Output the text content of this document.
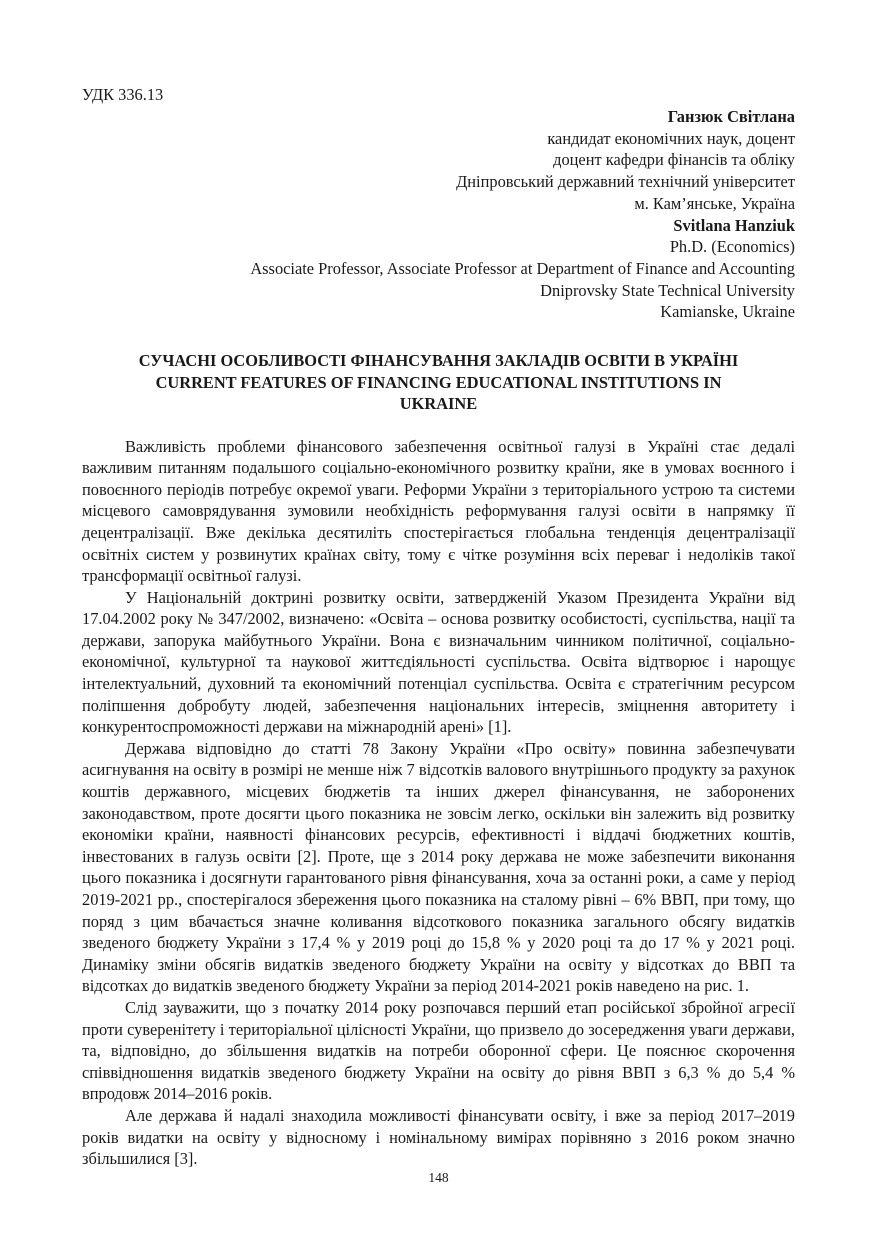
УДК 336.13

Ганзюк Світлана

кандидат економічних наук, доцент

доцент кафедри фінансів та обліку

Дніпровський державний технічний університет

м. Кам’янське, Україна

Svitlana Hanziuk

Ph.D. (Economics)

Associate Professor, Associate Professor at Department of Finance and Accounting

Dniprovsky State Technical University

Kamianske, Ukraine

СУЧАСНІ ОСОБЛИВОСТІ ФІНАНСУВАННЯ ЗАКЛАДІВ ОСВІТИ В УКРАЇНІ

CURRENT FEATURES OF FINANCING EDUCATIONAL INSTITUTIONS IN UKRAINE

Важливість проблеми фінансового забезпечення освітньої галузі в Україні стає дедалі важливим питанням подальшого соціально-економічного розвитку країни, яке в умовах воєнного і повоєнного періодів потребує окремої уваги. Реформи України з територіального устрою та системи місцевого самоврядування зумовили необхідність реформування галузі освіти в напрямку її децентралізації. Вже декілька десятиліть спостерігається глобальна тенденція децентралізації освітніх систем у розвинутих країнах світу, тому є чітке розуміння всіх переваг і недоліків такої трансформації освітньої галузі.

У Національній доктрині розвитку освіти, затвердженій Указом Президента України від 17.04.2002 року № 347/2002, визначено: «Освіта – основа розвитку особистості, суспільства, нації та держави, запорука майбутнього України. Вона є визначальним чинником політичної, соціально-економічної, культурної та наукової життєдіяльності суспільства. Освіта відтворює і нарощує інтелектуальний, духовний та економічний потенціал суспільства. Освіта є стратегічним ресурсом поліпшення добробуту людей, забезпечення національних інтересів, зміцнення авторитету і конкурентоспроможності держави на міжнародній арені» [1].

Держава відповідно до статті 78 Закону України «Про освіту» повинна забезпечувати асигнування на освіту в розмірі не менше ніж 7 відсотків валового внутрішнього продукту за рахунок коштів державного, місцевих бюджетів та інших джерел фінансування, не заборонених законодавством, проте досягти цього показника не зовсім легко, оскільки він залежить від розвитку економіки країни, наявності фінансових ресурсів, ефективності і віддачі бюджетних коштів, інвестованих в галузь освіти [2]. Проте, ще з 2014 року держава не може забезпечити виконання цього показника і досягнути гарантованого рівня фінансування, хоча за останні роки, а саме у період 2019-2021 рр., спостерігалося збереження цього показника на сталому рівні – 6% ВВП, при тому, що поряд з цим вбачається значне коливання відсоткового показника загального обсягу видатків зведеного бюджету України з 17,4 % у 2019 році до 15,8 % у 2020 році та до 17 % у 2021 році. Динаміку зміни обсягів видатків зведеного бюджету України на освіту у відсотках до ВВП та відсотках до видатків зведеного бюджету України за період 2014-2021 років наведено на рис. 1.

Слід зауважити, що з початку 2014 року розпочався перший етап російської збройної агресії проти суверенітету і територіальної цілісності України, що призвело до зосередження уваги держави, та, відповідно, до збільшення видатків на потреби оборонної сфери. Це пояснює скорочення співвідношення видатків зведеного бюджету України на освіту до рівня ВВП з 6,3 % до 5,4 % впродовж 2014–2016 років.

Але держава й надалі знаходила можливості фінансувати освіту, і вже за період 2017–2019 років видатки на освіту у відносному і номінальному вимірах порівняно з 2016 роком значно збільшилися [3].

148
